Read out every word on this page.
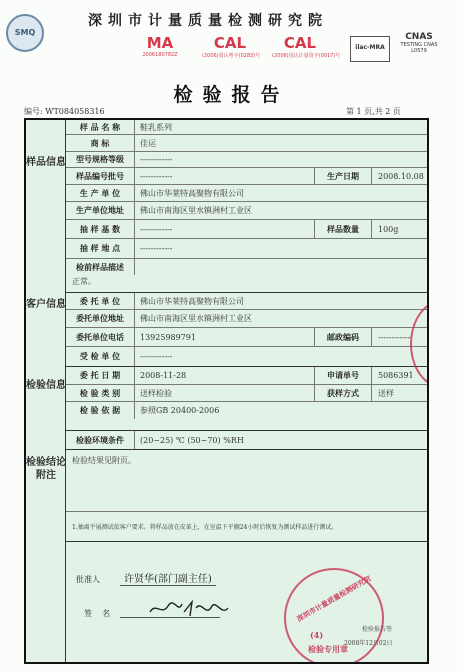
SMQ
深圳市计量质量检测研究院
MA
2006180782Z
CAL
(2006)质认粤字(0283)号
CAL
(2006)国认计量资字(0017)号
ilac-MRA
CNAS
TESTING CNAS L0579
检验报告
编号: WT084058316	第 1 页,共 2 页
样品信息
客户信息
检验信息
检验结论附注
样 品 名 称	鞋乳系列
商 标	佳运
型号规格等级	------------
样品编号批号	------------	生产日期	2008.10.08
生 产 单 位	佛山市华莱特高聚物有限公司
生产单位地址	佛山市南海区里水镇洲村工业区
抽 样 基 数	------------	样品数量	100g
抽 样 地 点	------------
检前样品描述
正常。
委 托 单 位	佛山市华莱特高聚物有限公司
委托单位地址	佛山市南海区里水镇洲村工业区
委托单位电话	13925989791	邮政编码	------------
受 检 单 位	------------
委 托 日 期	2008-11-28	申请单号	5086391
检 验 类 别	送样检验	获样方式	送样
检 验 依 据	参照GB 20400-2006
检验环境条件	(20~25) ℃ (50~70) %RH
检验结果见附页。
1.抽离平展测试依客户要求。将样品放在皮革上，在室温下平搁24小时后恢复为测试样品进行测试。
批准人	许贤华(部门副主任)
签    名	深圳市计量质量检测研究院
(4)
检验专用章
检验报告签
2008年12月02日
